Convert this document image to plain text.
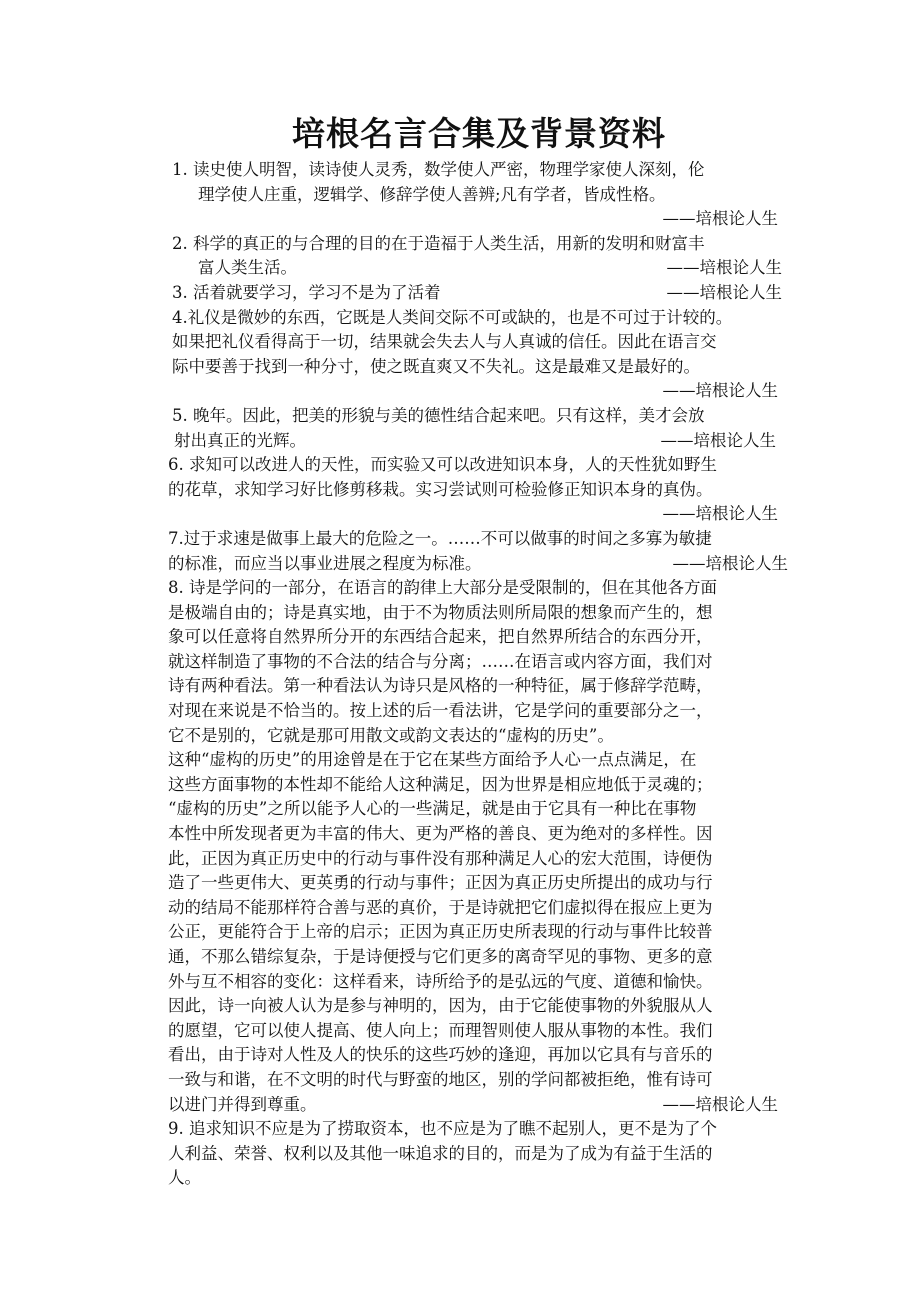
培根名言合集及背景资料
1. 读史使人明智，读诗使人灵秀，数学使人严密，物理学家使人深刻，伦
理学使人庄重，逻辑学、修辞学使人善辨;凡有学者，皆成性格。
——培根论人生
2. 科学的真正的与合理的目的在于造福于人类生活，用新的发明和财富丰
富人类生活。	——培根论人生
3. 活着就要学习，学习不是为了活着	——培根论人生
4.礼仪是微妙的东西，它既是人类间交际不可或缺的，也是不可过于计较的。
如果把礼仪看得高于一切，结果就会失去人与人真诚的信任。因此在语言交
际中要善于找到一种分寸，使之既直爽又不失礼。这是最难又是最好的。
——培根论人生
5. 晚年。因此，把美的形貌与美的德性结合起来吧。只有这样，美才会放
射出真正的光辉。	——培根论人生
6. 求知可以改进人的天性，而实验又可以改进知识本身，人的天性犹如野生
的花草，求知学习好比修剪移栽。实习尝试则可检验修正知识本身的真伪。
——培根论人生
7.过于求速是做事上最大的危险之一。……不可以做事的时间之多寡为敏捷
的标准，而应当以事业进展之程度为标准。	——培根论人生
8. 诗是学问的一部分，在语言的韵律上大部分是受限制的，但在其他各方面
是极端自由的；诗是真实地，由于不为物质法则所局限的想象而产生的，想
象可以任意将自然界所分开的东西结合起来，把自然界所结合的东西分开，
就这样制造了事物的不合法的结合与分离；……在语言或内容方面，我们对
诗有两种看法。第一种看法认为诗只是风格的一种特征，属于修辞学范畴，
对现在来说是不恰当的。按上述的后一看法讲，它是学问的重要部分之一，
它不是别的，它就是那可用散文或韵文表达的“虚构的历史”。
这种“虚构的历史”的用途曾是在于它在某些方面给予人心一点点满足，在
这些方面事物的本性却不能给人这种满足，因为世界是相应地低于灵魂的；
“虚构的历史”之所以能予人心的一些满足，就是由于它具有一种比在事物
本性中所发现者更为丰富的伟大、更为严格的善良、更为绝对的多样性。因
此，正因为真正历史中的行动与事件没有那种满足人心的宏大范围，诗便伪
造了一些更伟大、更英勇的行动与事件；正因为真正历史所提出的成功与行
动的结局不能那样符合善与恶的真价，于是诗就把它们虚拟得在报应上更为
公正，更能符合于上帝的启示；正因为真正历史所表现的行动与事件比较普
通，不那么错综复杂，于是诗便授与它们更多的离奇罕见的事物、更多的意
外与互不相容的变化：这样看来，诗所给予的是弘远的气度、道德和愉快。
因此，诗一向被人认为是参与神明的，因为，由于它能使事物的外貌服从人
的愿望，它可以使人提高、使人向上；而理智则使人服从事物的本性。我们
看出，由于诗对人性及人的快乐的这些巧妙的逢迎，再加以它具有与音乐的
一致与和谐，在不文明的时代与野蛮的地区，别的学问都被拒绝，惟有诗可
以进门并得到尊重。	——培根论人生
9. 追求知识不应是为了捞取资本，也不应是为了瞧不起别人，更不是为了个
人利益、荣誉、权利以及其他一味追求的目的，而是为了成为有益于生活的
人。
